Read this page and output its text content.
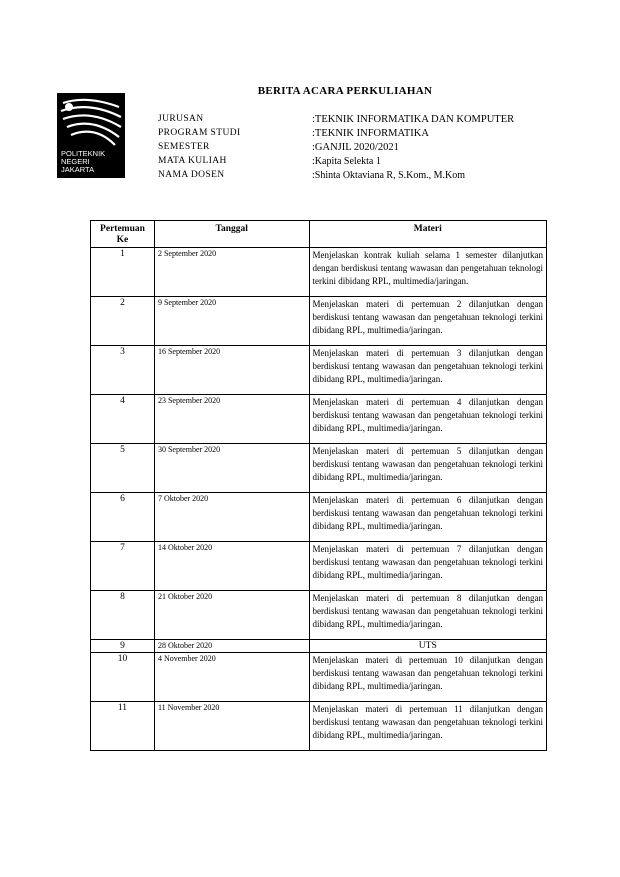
POLITEKNIK
NEGERI
JAKARTA
BERITA ACARA PERKULIAHAN
JURUSAN	:TEKNIK INFORMATIKA DAN KOMPUTER
PROGRAM STUDI	:TEKNIK INFORMATIKA
SEMESTER	:GANJIL 2020/2021
MATA KULIAH	:Kapita Selekta 1
NAMA DOSEN	:Shinta Oktaviana R, S.Kom., M.Kom
Pertemuan Ke	Tanggal	Materi
1	2 September 2020	Menjelaskan kontrak kuliah selama 1 semester dilanjutkan dengan berdiskusi tentang wawasan dan pengetahuan teknologi terkini dibidang RPL, multimedia/jaringan.
2	9 September 2020	Menjelaskan materi di pertemuan 2 dilanjutkan dengan berdiskusi tentang wawasan dan pengetahuan teknologi terkini dibidang RPL, multimedia/jaringan.
3	16 September 2020	Menjelaskan materi di pertemuan 3 dilanjutkan dengan berdiskusi tentang wawasan dan pengetahuan teknologi terkini dibidang RPL, multimedia/jaringan.
4	23 September 2020	Menjelaskan materi di pertemuan 4 dilanjutkan dengan berdiskusi tentang wawasan dan pengetahuan teknologi terkini dibidang RPL, multimedia/jaringan.
5	30 September 2020	Menjelaskan materi di pertemuan 5 dilanjutkan dengan berdiskusi tentang wawasan dan pengetahuan teknologi terkini dibidang RPL, multimedia/jaringan.
6	7 Oktober 2020	Menjelaskan materi di pertemuan 6 dilanjutkan dengan berdiskusi tentang wawasan dan pengetahuan teknologi terkini dibidang RPL, multimedia/jaringan.
7	14 Oktober 2020	Menjelaskan materi di pertemuan 7 dilanjutkan dengan berdiskusi tentang wawasan dan pengetahuan teknologi terkini dibidang RPL, multimedia/jaringan.
8	21 Oktober 2020	Menjelaskan materi di pertemuan 8 dilanjutkan dengan berdiskusi tentang wawasan dan pengetahuan teknologi terkini dibidang RPL, multimedia/jaringan.
9	28 Oktober 2020	UTS
10	4 November 2020	Menjelaskan materi di pertemuan 10 dilanjutkan dengan berdiskusi tentang wawasan dan pengetahuan teknologi terkini dibidang RPL, multimedia/jaringan.
11	11 November 2020	Menjelaskan materi di pertemuan 11 dilanjutkan dengan berdiskusi tentang wawasan dan pengetahuan teknologi terkini dibidang RPL, multimedia/jaringan.
